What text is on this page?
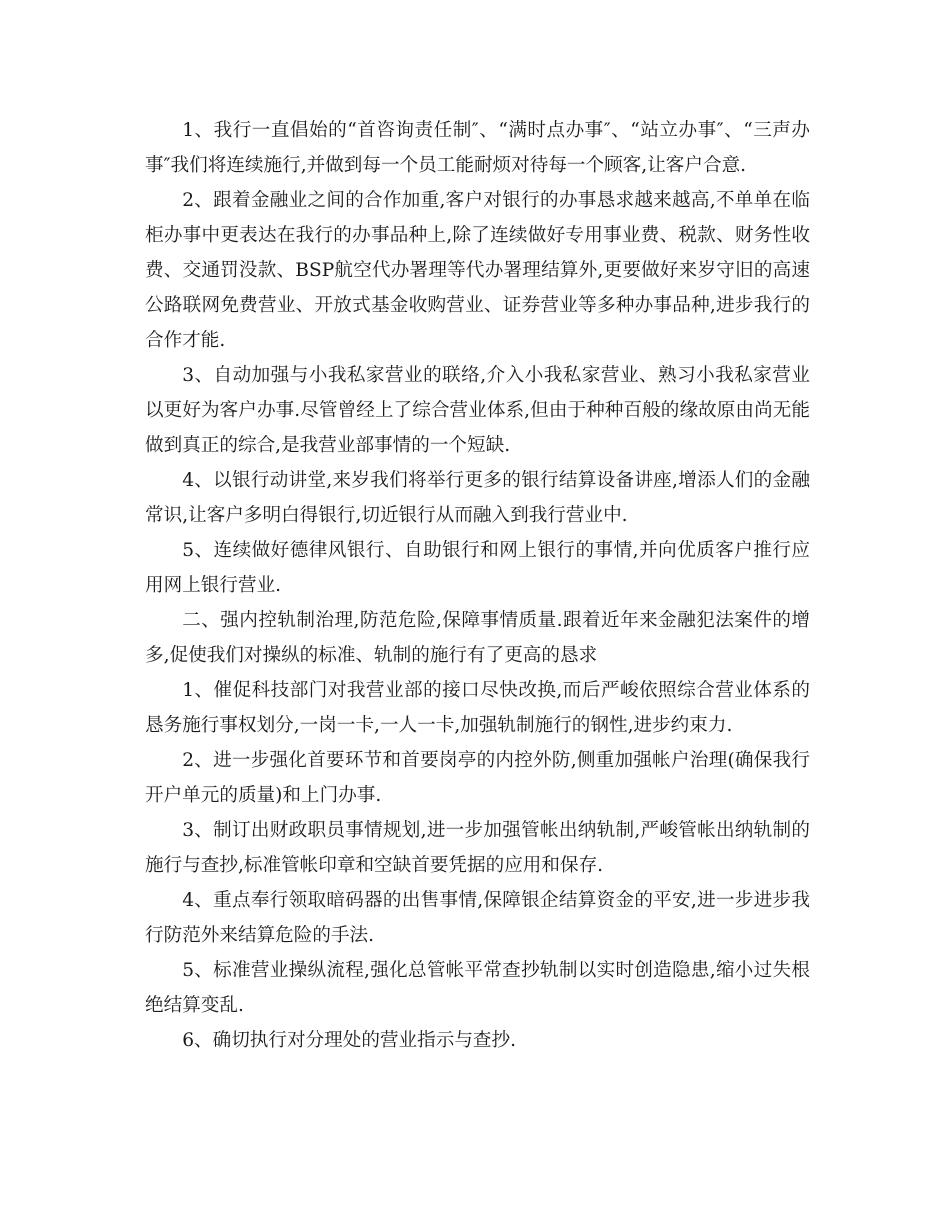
1、我行一直倡始的“首咨询责任制″、“满时点办事″、“站立办事″、“三声办事″我们将连续施行,并做到每一个员工能耐烦对待每一个顾客,让客户合意.

2、跟着金融业之间的合作加重,客户对银行的办事恳求越来越高,不单单在临柜办事中更表达在我行的办事品种上,除了连续做好专用事业费、税款、财务性收费、交通罚没款、BSP航空代办署理等代办署理结算外,更要做好来岁守旧的高速公路联网免费营业、开放式基金收购营业、证券营业等多种办事品种,进步我行的合作才能.

3、自动加强与小我私家营业的联络,介入小我私家营业、熟习小我私家营业以更好为客户办事.尽管曾经上了综合营业体系,但由于种种百般的缘故原由尚无能做到真正的综合,是我营业部事情的一个短缺.

4、以银行动讲堂,来岁我们将举行更多的银行结算设备讲座,增添人们的金融常识,让客户多明白得银行,切近银行从而融入到我行营业中.

5、连续做好德律风银行、自助银行和网上银行的事情,并向优质客户推行应用网上银行营业.

二、强内控轨制治理,防范危险,保障事情质量.跟着近年来金融犯法案件的增多,促使我们对操纵的标准、轨制的施行有了更高的恳求

1、催促科技部门对我营业部的接口尽快改换,而后严峻依照综合营业体系的恳务施行事权划分,一岗一卡,一人一卡,加强轨制施行的钢性,进步约束力.

2、进一步强化首要环节和首要岗亭的内控外防,侧重加强帐户治理(确保我行开户单元的质量)和上门办事.

3、制订出财政职员事情规划,进一步加强管帐出纳轨制,严峻管帐出纳轨制的施行与查抄,标准管帐印章和空缺首要凭据的应用和保存.

4、重点奉行领取暗码器的出售事情,保障银企结算资金的平安,进一步进步我行防范外来结算危险的手法.

5、标准营业操纵流程,强化总管帐平常查抄轨制以实时创造隐患,缩小过失根绝结算变乱.

6、确切执行对分理处的营业指示与查抄.
